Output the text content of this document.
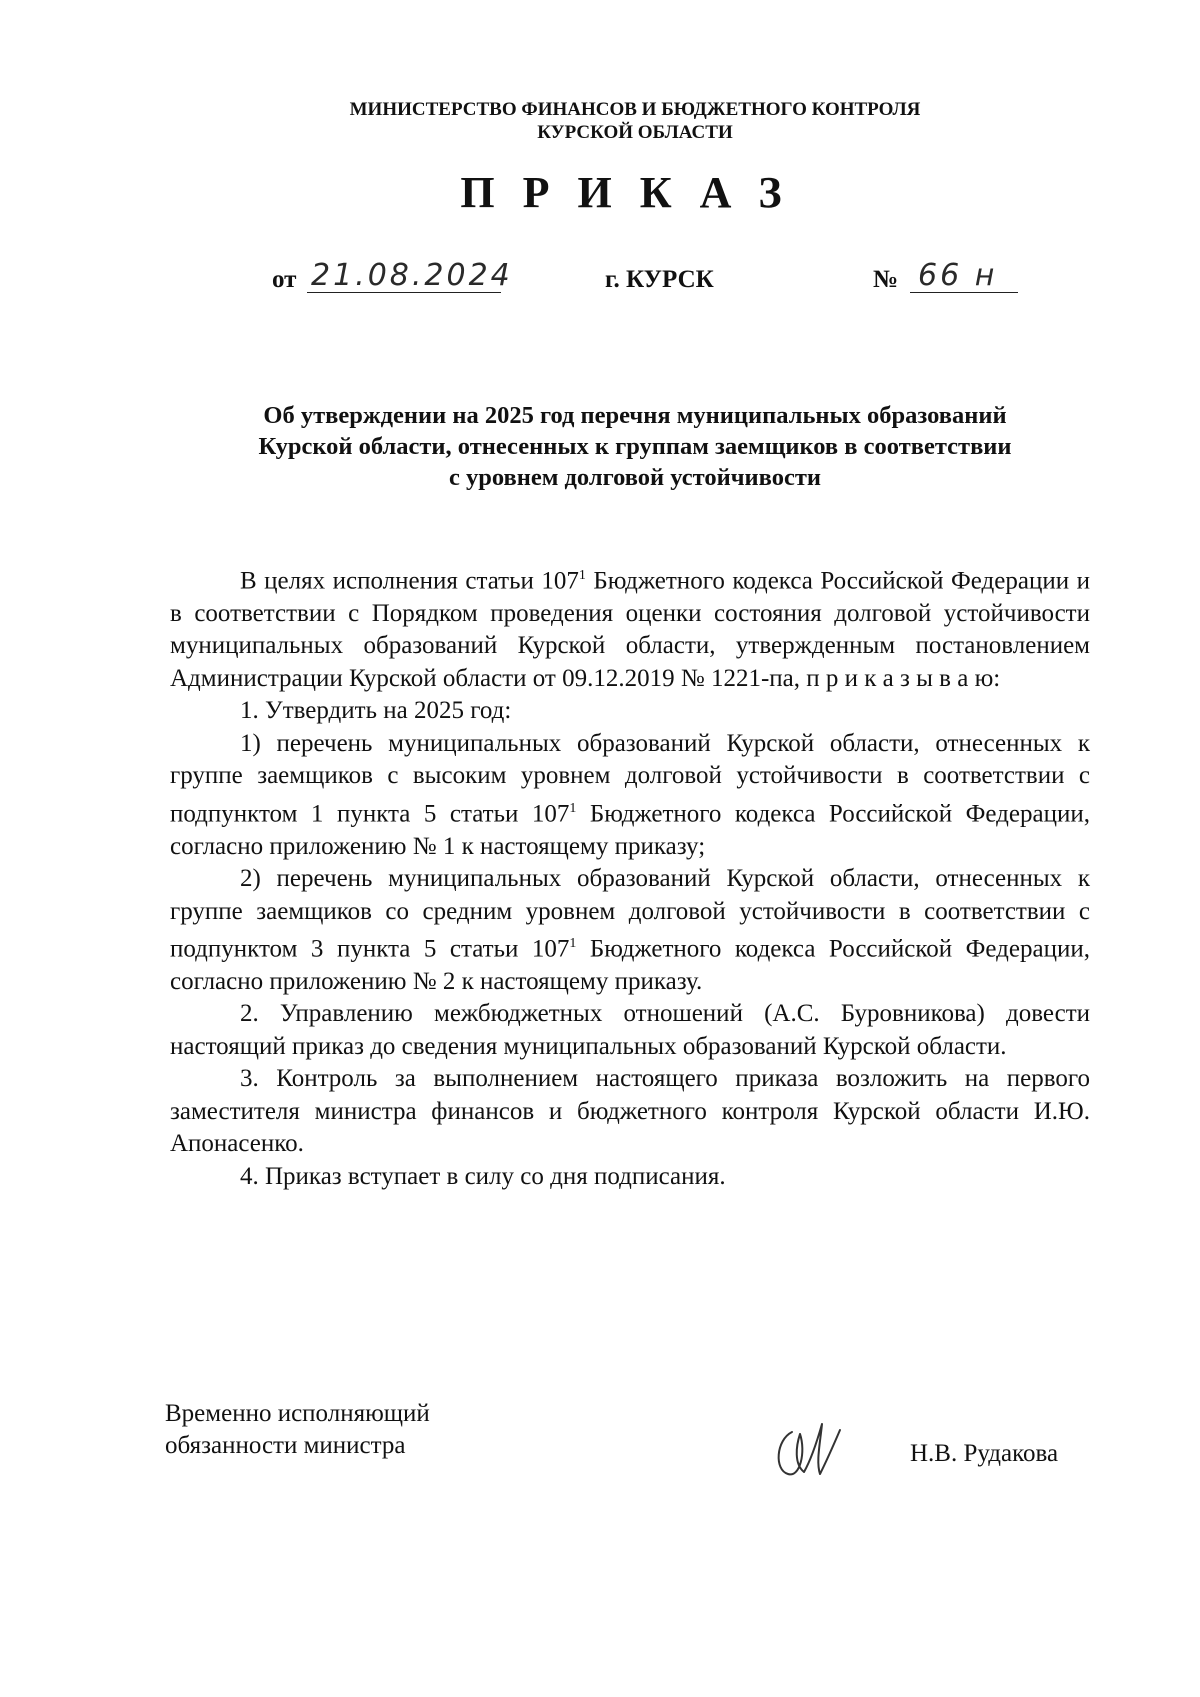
МИНИСТЕРСТВО ФИНАНСОВ И БЮДЖЕТНОГО КОНТРОЛЯ
КУРСКОЙ ОБЛАСТИ
ПРИКАЗ
от 21.08.2024	г. КУРСК	№ 66 н
Об утверждении на 2025 год перечня муниципальных образований
Курской области, отнесенных к группам заемщиков в соответствии
с уровнем долговой устойчивости

В целях исполнения статьи $107^1$ Бюджетного кодекса Российской Федерации и в соответствии с Порядком проведения оценки состояния долговой устойчивости муниципальных образований Курской области, утвержденным постановлением Администрации Курской области от 09.12.2019 № 1221-па, п р и к а з ы в а ю:

1. Утвердить на 2025 год:

1) перечень муниципальных образований Курской области, отнесенных к группе заемщиков с высоким уровнем долговой устойчивости в соответствии с подпунктом 1 пункта 5 статьи $107^1$ Бюджетного кодекса Российской Федерации, согласно приложению № 1 к настоящему приказу;

2) перечень муниципальных образований Курской области, отнесенных к группе заемщиков со средним уровнем долговой устойчивости в соответствии с подпунктом 3 пункта 5 статьи $107^1$ Бюджетного кодекса Российской Федерации, согласно приложению № 2 к настоящему приказу.

2. Управлению межбюджетных отношений (А.С. Буровникова) довести настоящий приказ до сведения муниципальных образований Курской области.

3. Контроль за выполнением настоящего приказа возложить на первого заместителя министра финансов и бюджетного контроля Курской области И.Ю. Апонасенко.

4. Приказ вступает в силу со дня подписания.

Временно исполняющий
обязанности министра	Н.В. Рудакова
